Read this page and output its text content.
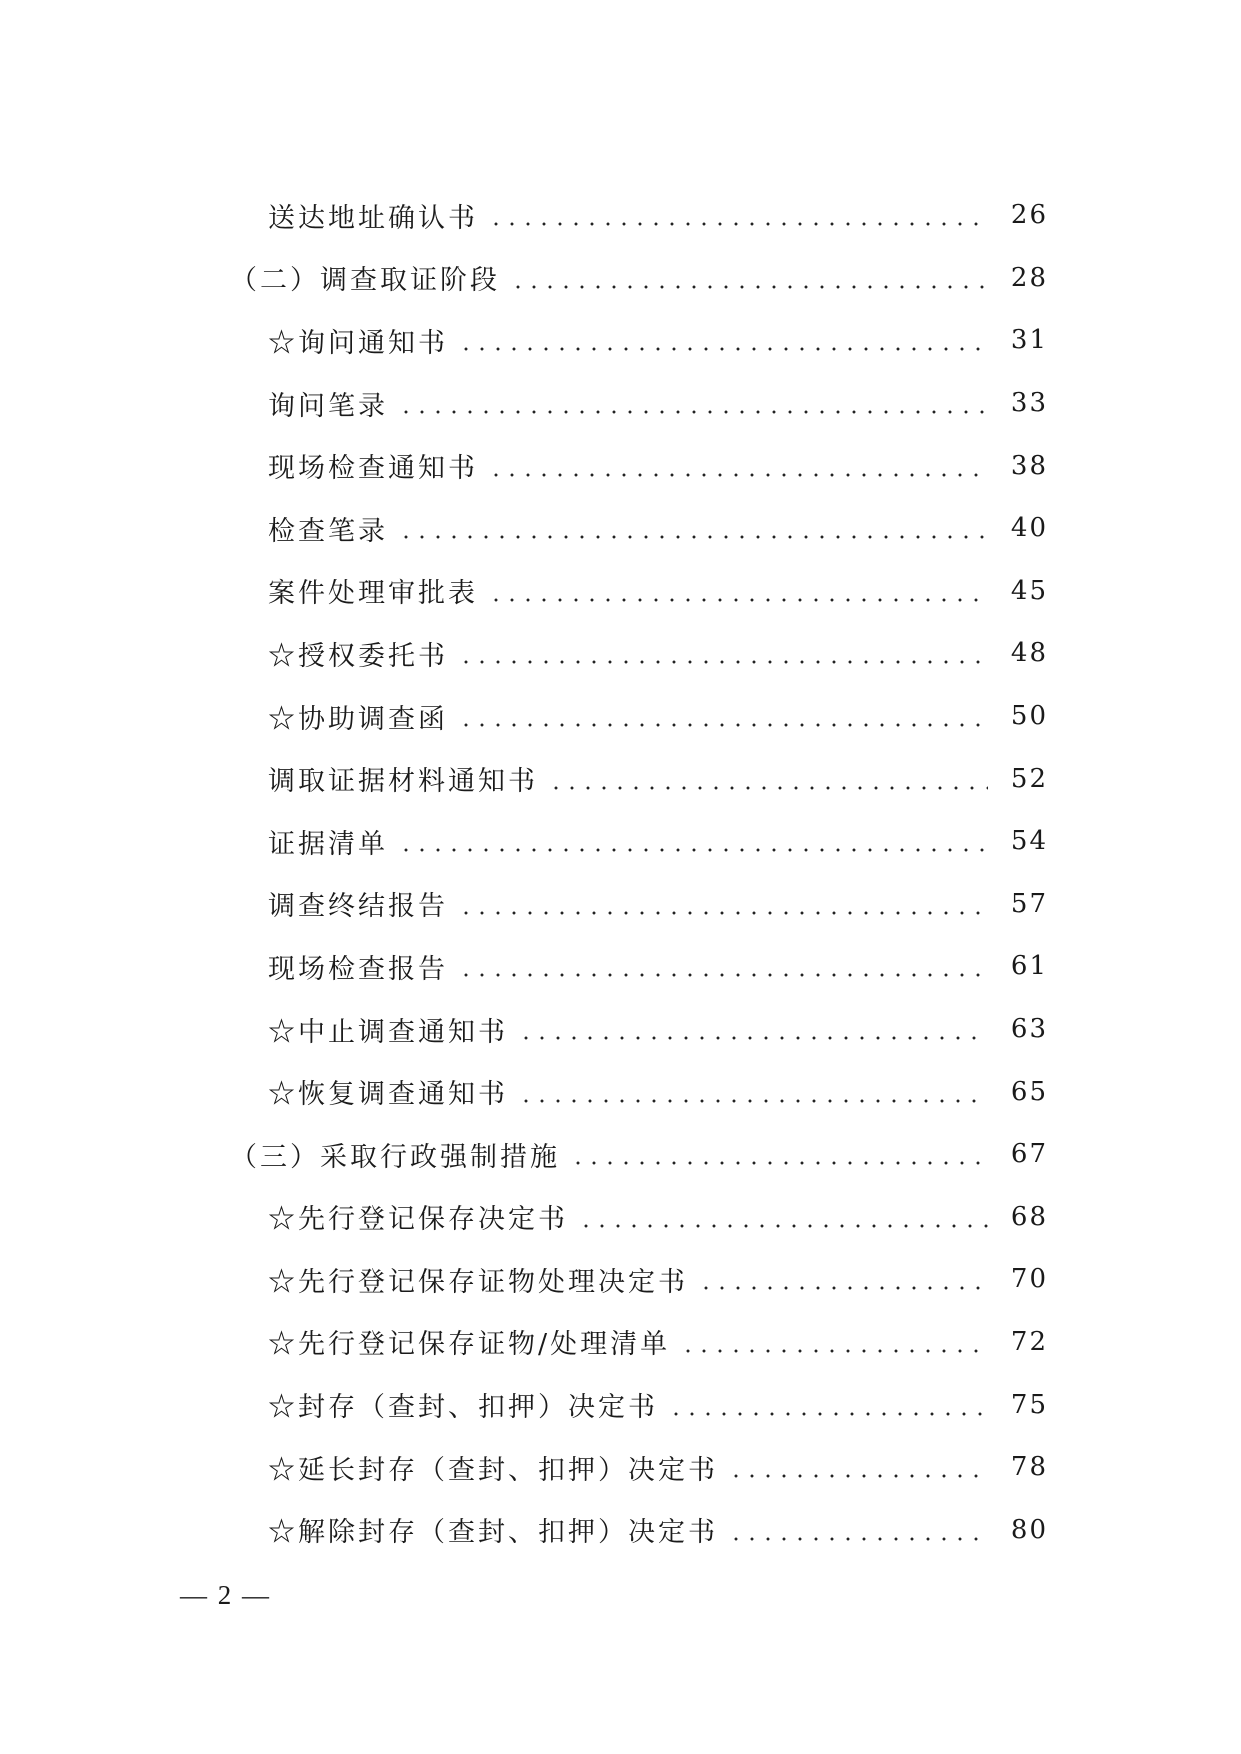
送达地址确认书	26
（二）调查取证阶段	28
☆询问通知书	31
询问笔录	33
现场检查通知书	38
检查笔录	40
案件处理审批表	45
☆授权委托书	48
☆协助调查函	50
调取证据材料通知书	52
证据清单	54
调查终结报告	57
现场检查报告	61
☆中止调查通知书	63
☆恢复调查通知书	65
（三）采取行政强制措施	67
☆先行登记保存决定书	68
☆先行登记保存证物处理决定书	70
☆先行登记保存证物/处理清单	72
☆封存（查封、扣押）决定书	75
☆延长封存（查封、扣押）决定书	78
☆解除封存（查封、扣押）决定书	80
— 2 —
